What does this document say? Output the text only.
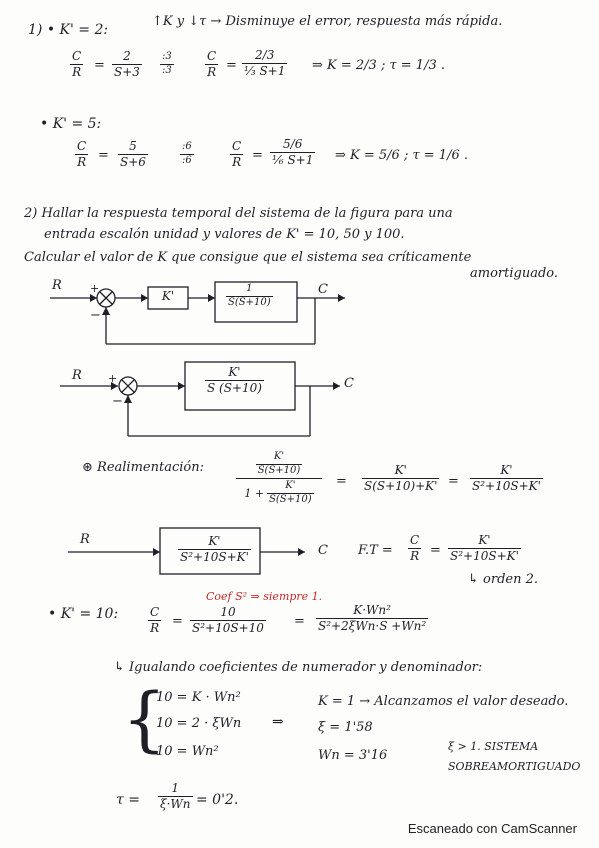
1) • K' = 2:
↑K y ↓τ → Disminuye el error, respuesta más rápida.
$\frac{C}{R} = \frac{2}{S+3} \frac{:3}{:3}$	$\frac{C}{R} = \frac{2/3}{\text{⅓ S+1}}$ ⇒ K = 2/3 ; τ = 1/3 .
• K' = 5:
$\frac{C}{R} = \frac{5}{S+6}$	$\frac{:6}{:6}$	$\frac{C}{R} = \frac{5/6}{\text{⅙ S+1}}$ ⇒ K = 5/6 ; τ = 1/6 .
2) Hallar la respuesta temporal del sistema de la figura para una
entrada escalón unidad y valores de K' = 10, 50 y 100.
Calcular el valor de K que consigue que el sistema sea críticamente
amortiguado.
R	+
−
K'	$\frac{1}{S(S+10)}$	C
R +
−
$\frac{K'}{S (S+10)}$	C
⊛ Realimentación:	$\frac{K'}{S(S+10)}$
$1 + \frac{K'}{S(S+10)} = \frac{K'}{S(S+10)+K'} = \frac{K'}{\text{S²+10S+K'}}$
R	$\frac{K'}{\text{S²+10S+K'}}$	C $F.T = \frac{C}{R} = \frac{K'}{\text{S²+10S+K'}}$
↳ orden 2.
• K' = 10:
Coef S² ⇒ siempre 1.
$\frac{C}{R} = \frac{10}{\text{S²+10S+10}}$ =
K·Wn²
S²+2ξWn·S +Wn²
↳ Igualando coeficientes de numerador y denominador:
{
10 = K · Wn²
10 = 2 · ξWn
10 = Wn²
⇒
K = 1 → Alcanzamos el valor deseado.
ξ = 1'58
Wn = 3'16
ξ > 1. SISTEMA
SOBREAMORTIGUADO
$\tau = \frac{1}{\xi\cdot Wn} = 0'2$.
Escaneado con CamScanner
